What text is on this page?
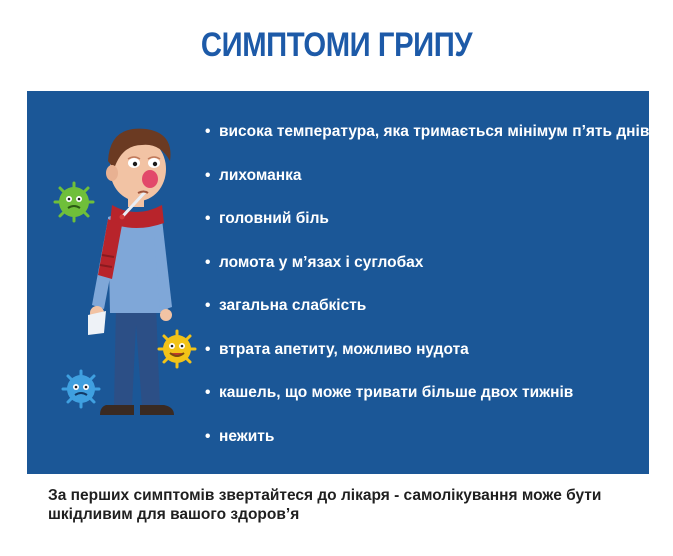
СИМПТОМИ ГРИПУ
• висока температура, яка тримається мінімум п’ять днів
• лихоманка
• головний біль
• ломота у м’язах і суглобах
• загальна слабкість
• втрата апетиту, можливо нудота
• кашель, що може тривати більше двох тижнів
• нежить
За перших симптомів звертайтеся до лікаря - самолікування може бути шкідливим для вашого здоров’я
